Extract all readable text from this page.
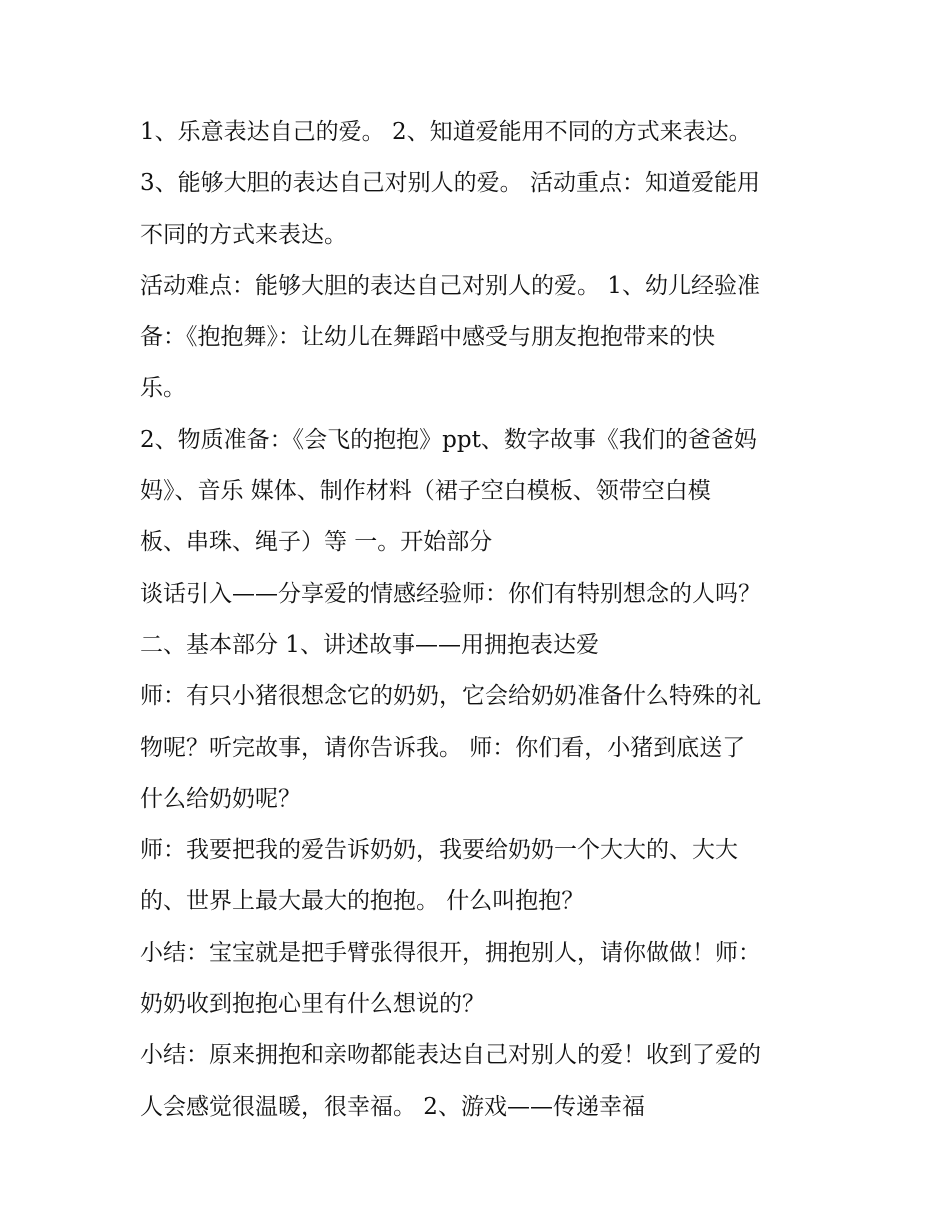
1、乐意表达自己的爱。 2、知道爱能用不同的方式来表达。
3、能够大胆的表达自己对别人的爱。 活动重点：知道爱能用
不同的方式来表达。
活动难点：能够大胆的表达自己对别人的爱。 1、幼儿经验准
备：《抱抱舞》：让幼儿在舞蹈中感受与朋友抱抱带来的快
乐。
2、物质准备：《会飞的抱抱》ppt、数字故事《我们的爸爸妈
妈》、音乐 媒体、制作材料（裙子空白模板、领带空白模
板、串珠、绳子）等 一。开始部分
谈话引入——分享爱的情感经验师：你们有特别想念的人吗？
二、基本部分 1、讲述故事——用拥抱表达爱
师：有只小猪很想念它的奶奶，它会给奶奶准备什么特殊的礼
物呢？听完故事，请你告诉我。 师：你们看，小猪到底送了
什么给奶奶呢？
师：我要把我的爱告诉奶奶，我要给奶奶一个大大的、大大
的、世界上最大最大的抱抱。 什么叫抱抱？
小结：宝宝就是把手臂张得很开，拥抱别人，请你做做！师：
奶奶收到抱抱心里有什么想说的？
小结：原来拥抱和亲吻都能表达自己对别人的爱！收到了爱的
人会感觉很温暖，很幸福。 2、游戏——传递幸福
